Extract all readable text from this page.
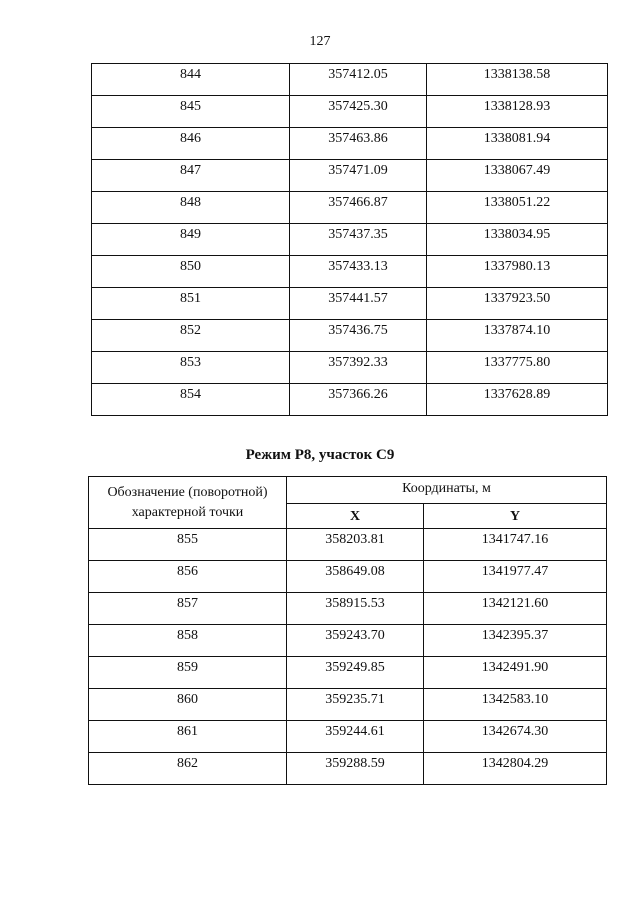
127
844	357412.05	1338138.58
845	357425.30	1338128.93
846	357463.86	1338081.94
847	357471.09	1338067.49
848	357466.87	1338051.22
849	357437.35	1338034.95
850	357433.13	1337980.13
851	357441.57	1337923.50
852	357436.75	1337874.10
853	357392.33	1337775.80
854	357366.26	1337628.89
Режим P8, участок C9
Обозначение (поворотной) характерной точки	Координаты, м	
	X	Y
855	358203.81	1341747.16
856	358649.08	1341977.47
857	358915.53	1342121.60
858	359243.70	1342395.37
859	359249.85	1342491.90
860	359235.71	1342583.10
861	359244.61	1342674.30
862	359288.59	1342804.29
